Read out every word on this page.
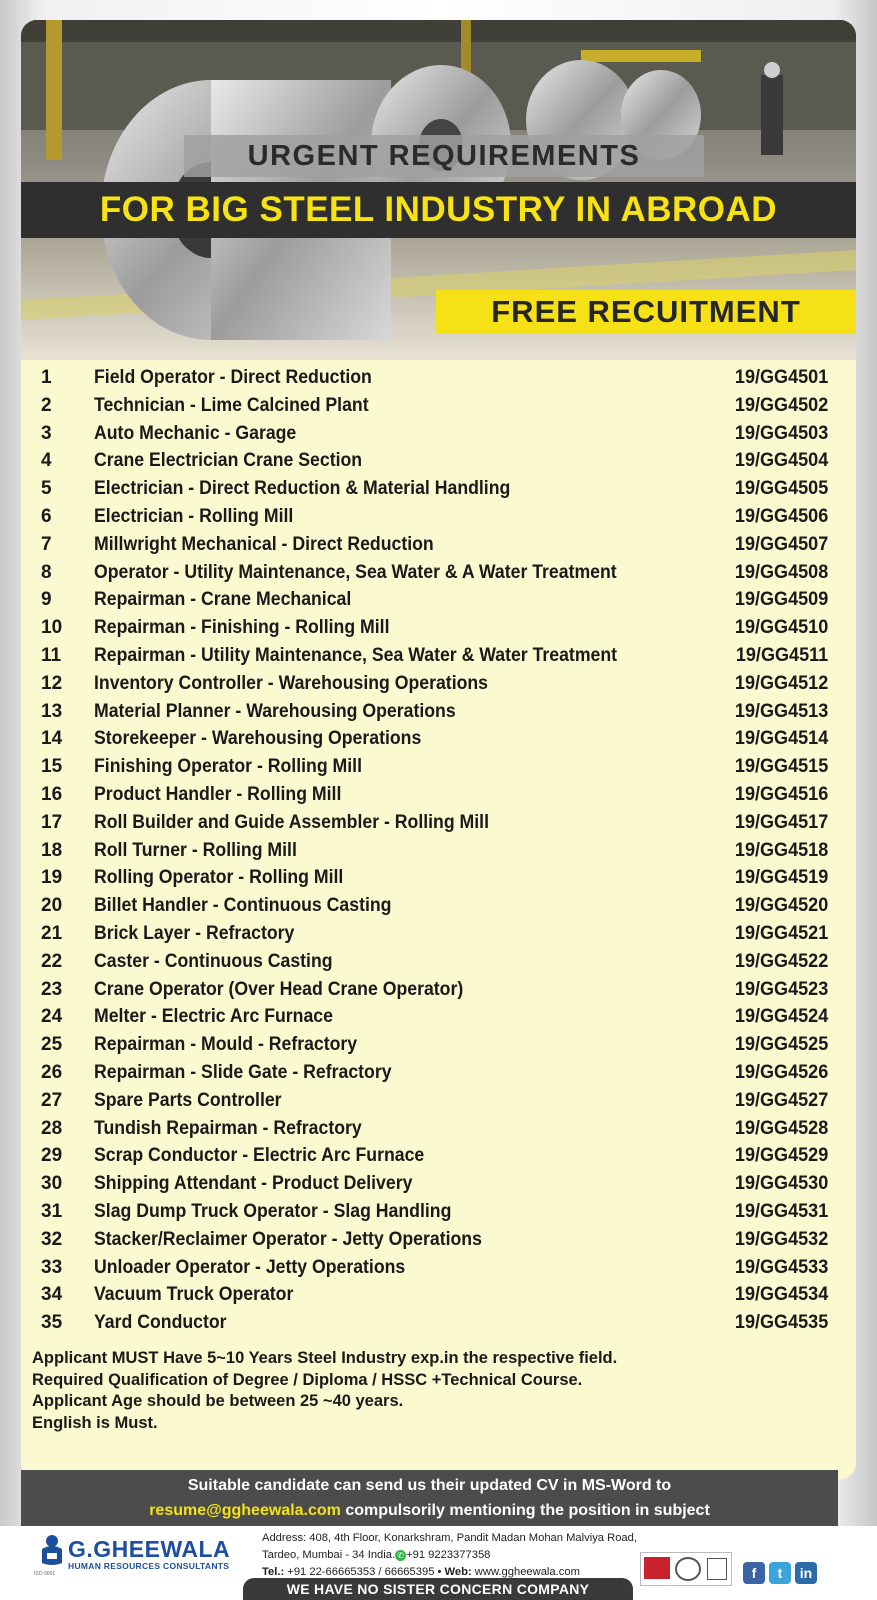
URGENT REQUIREMENTS
FOR BIG STEEL INDUSTRY IN ABROAD
FREE RECUITMENT
1 Field Operator - Direct Reduction	19/GG4501
2 Technician - Lime Calcined Plant	19/GG4502
3 Auto Mechanic - Garage	19/GG4503
4 Crane Electrician Crane Section	19/GG4504
5 Electrician - Direct Reduction & Material Handling	19/GG4505
6 Electrician - Rolling Mill	19/GG4506
7 Millwright Mechanical - Direct Reduction	19/GG4507
8 Operator - Utility Maintenance, Sea Water & A Water Treatment	19/GG4508
9 Repairman - Crane Mechanical	19/GG4509
10 Repairman - Finishing - Rolling Mill	19/GG4510
11 Repairman - Utility Maintenance, Sea Water & Water Treatment	19/GG4511
12 Inventory Controller - Warehousing Operations	19/GG4512
13 Material Planner - Warehousing Operations	19/GG4513
14 Storekeeper - Warehousing Operations	19/GG4514
15 Finishing Operator - Rolling Mill	19/GG4515
16 Product Handler - Rolling Mill	19/GG4516
17 Roll Builder and Guide Assembler - Rolling Mill	19/GG4517
18 Roll Turner - Rolling Mill	19/GG4518
19 Rolling Operator - Rolling Mill	19/GG4519
20 Billet Handler - Continuous Casting	19/GG4520
21 Brick Layer - Refractory	19/GG4521
22 Caster - Continuous Casting	19/GG4522
23 Crane Operator (Over Head Crane Operator)	19/GG4523
24 Melter - Electric Arc Furnace	19/GG4524
25 Repairman - Mould - Refractory	19/GG4525
26 Repairman - Slide Gate - Refractory	19/GG4526
27 Spare Parts Controller	19/GG4527
28 Tundish Repairman - Refractory	19/GG4528
29 Scrap Conductor - Electric Arc Furnace	19/GG4529
30 Shipping Attendant - Product Delivery	19/GG4530
31 Slag Dump Truck Operator - Slag Handling	19/GG4531
32 Stacker/Reclaimer Operator - Jetty Operations	19/GG4532
33 Unloader Operator - Jetty Operations	19/GG4533
34 Vacuum Truck Operator	19/GG4534
35 Yard Conductor	19/GG4535
Applicant MUST Have 5~10 Years Steel Industry exp.in the respective field.
Required Qualification of Degree / Diploma / HSSC +Technical Course.
Applicant Age should be between 25 ~40 years.
English is Must.
Suitable candidate can send us their updated CV in MS-Word to
resume@ggheewala.com compulsorily mentioning the position in subject
G.GHEEWALA
HUMAN RESOURCES CONSULTANTS
ISO 9001
Address: 408, 4th Floor, Konarkshram, Pandit Madan Mohan Malviya Road,
Tardeo, Mumbai - 34 India. ✆ +91 9223377358
Tel.: +91 22-66665353 / 66665395 • Web: www.ggheewala.com	f	t	in
WE HAVE NO SISTER CONCERN COMPANY
